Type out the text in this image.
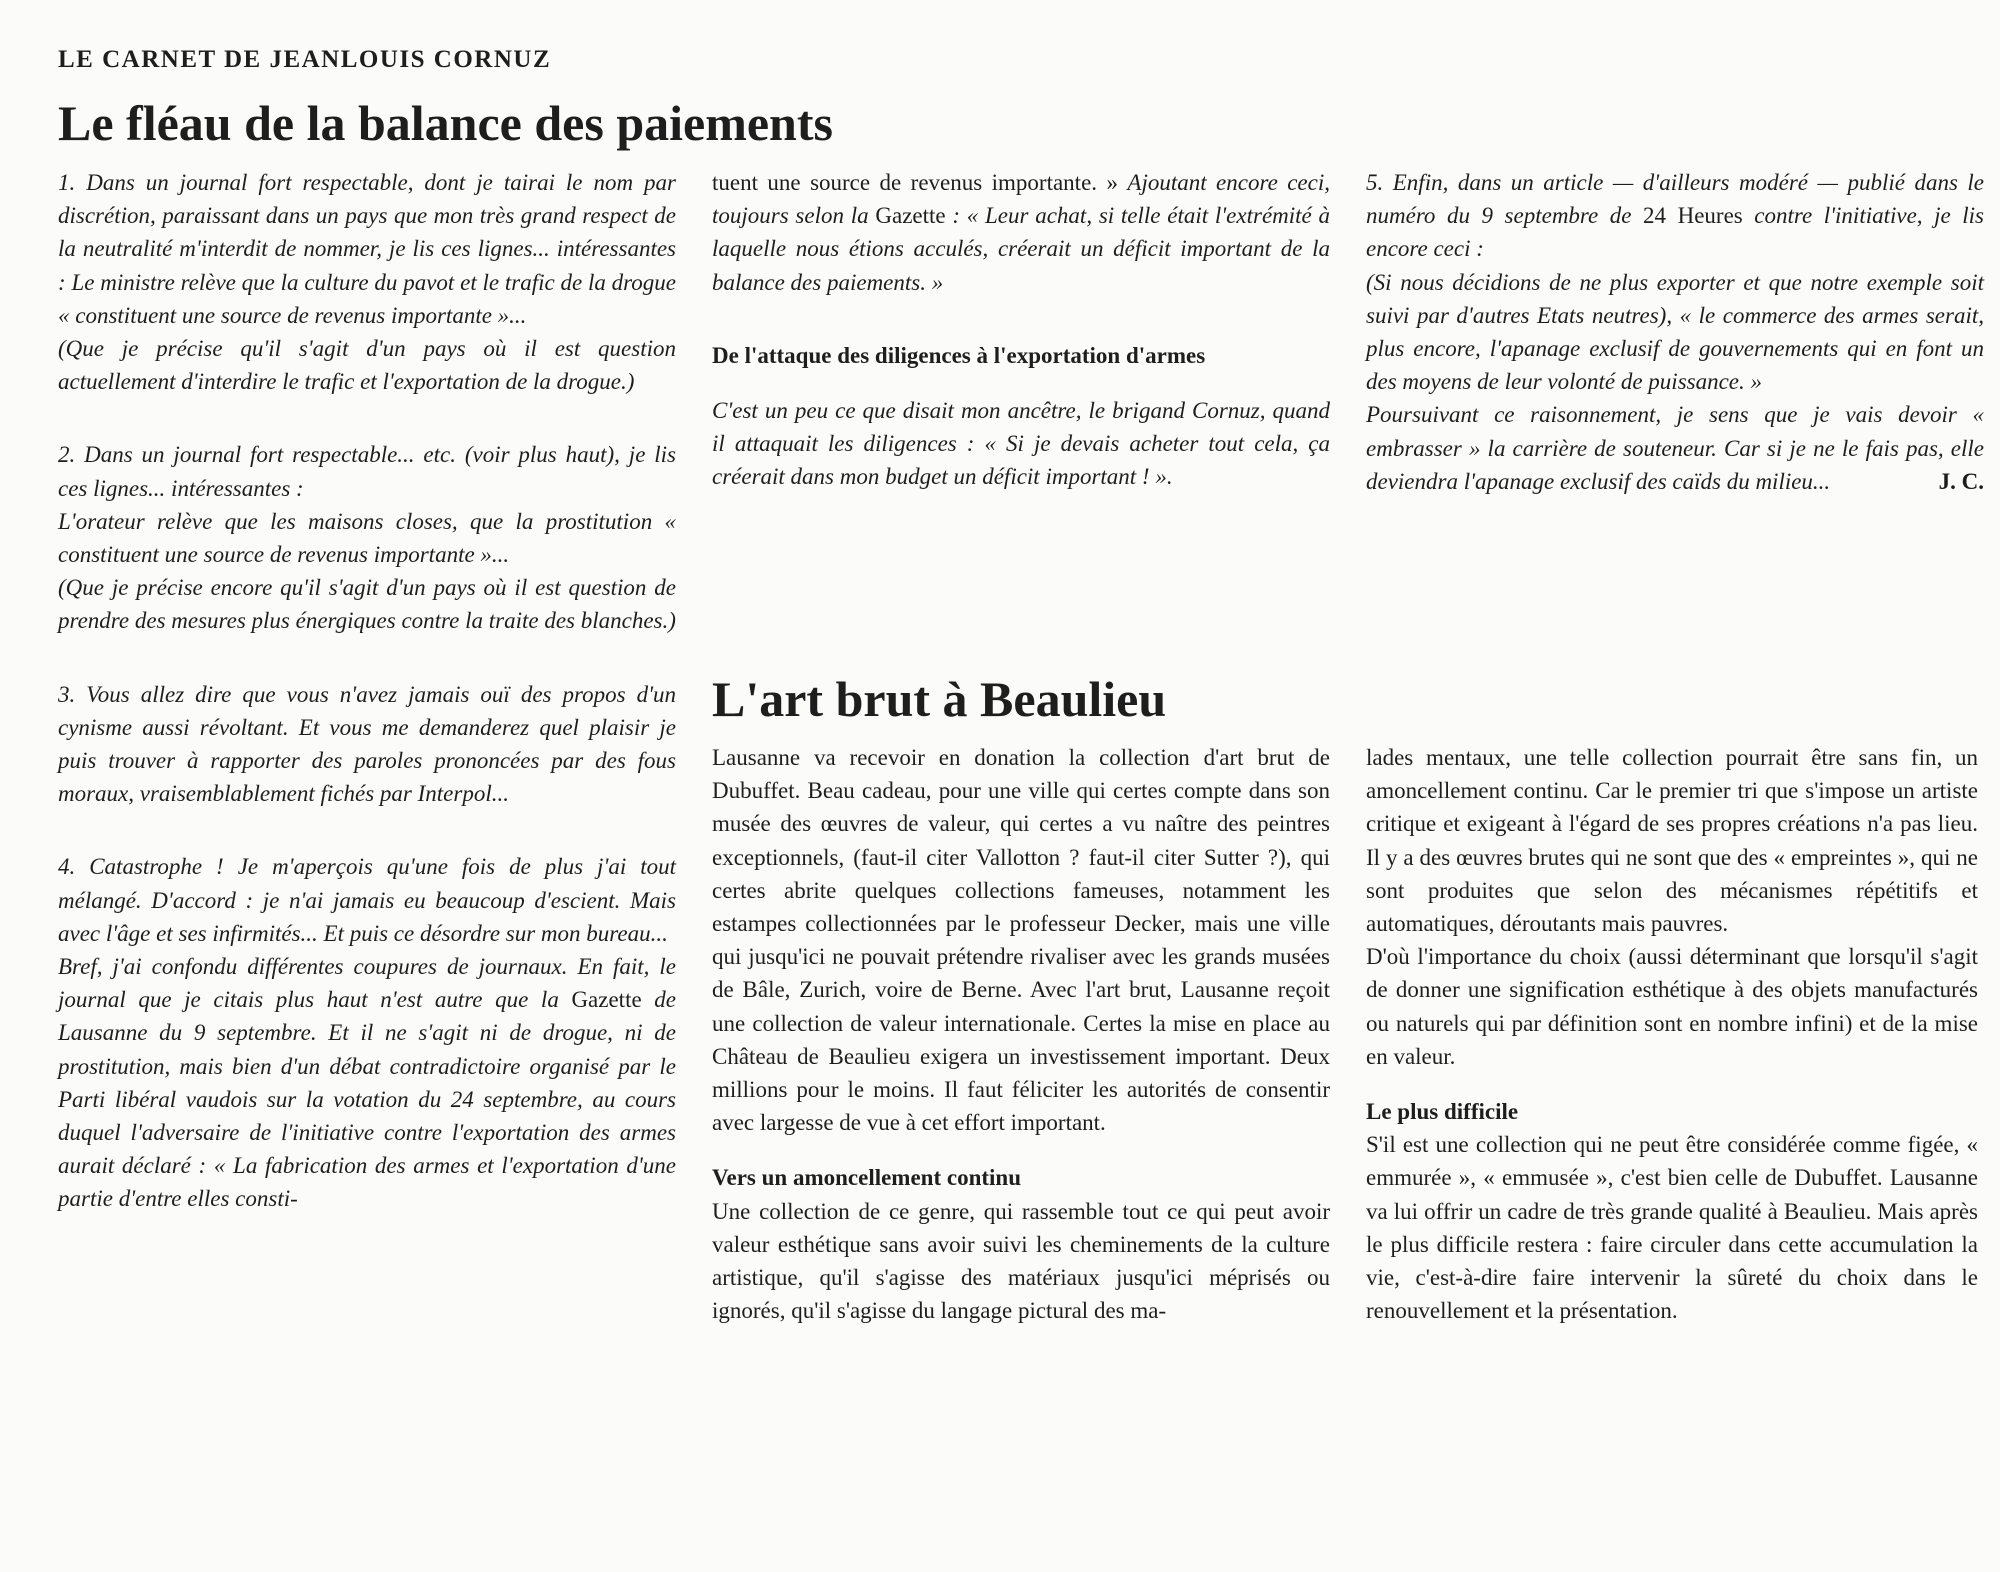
LE CARNET DE JEANLOUIS CORNUZ
Le fléau de la balance des paiements

1. Dans un journal fort respectable, dont je tairai le nom par discrétion, paraissant dans un pays que mon très grand respect de la neutralité m'interdit de nommer, je lis ces lignes... intéressantes : Le ministre relève que la culture du pavot et le trafic de la drogue « constituent une source de revenus importante »...

(Que je précise qu'il s'agit d'un pays où il est question actuellement d'interdire le trafic et l'exportation de la drogue.)

2. Dans un journal fort respectable... etc. (voir plus haut), je lis ces lignes... intéressantes :

L'orateur relève que les maisons closes, que la prostitution « constituent une source de revenus importante »...

(Que je précise encore qu'il s'agit d'un pays où il est question de prendre des mesures plus énergiques contre la traite des blanches.)

3. Vous allez dire que vous n'avez jamais ouï des propos d'un cynisme aussi révoltant. Et vous me demanderez quel plaisir je puis trouver à rapporter des paroles prononcées par des fous moraux, vraisemblablement fichés par Interpol...

4. Catastrophe ! Je m'aperçois qu'une fois de plus j'ai tout mélangé. D'accord : je n'ai jamais eu beaucoup d'escient. Mais avec l'âge et ses infirmités... Et puis ce désordre sur mon bureau...

Bref, j'ai confondu différentes coupures de journaux. En fait, le journal que je citais plus haut n'est autre que la Gazette de Lausanne du 9 septembre. Et il ne s'agit ni de drogue, ni de prostitution, mais bien d'un débat contradictoire organisé par le Parti libéral vaudois sur la votation du 24 septembre, au cours duquel l'adversaire de l'initiative contre l'exportation des armes aurait déclaré : « La fabrication des armes et l'exportation d'une partie d'entre elles consti-

tuent une source de revenus importante. » Ajoutant encore ceci, toujours selon la Gazette : « Leur achat, si telle était l'extrémité à laquelle nous étions acculés, créerait un déficit important de la balance des paiements. »

De l'attaque des diligences à l'exportation d'armes

C'est un peu ce que disait mon ancêtre, le brigand Cornuz, quand il attaquait les diligences : « Si je devais acheter tout cela, ça créerait dans mon budget un déficit important ! ».

5. Enfin, dans un article — d'ailleurs modéré — publié dans le numéro du 9 septembre de 24 Heures contre l'initiative, je lis encore ceci :

(Si nous décidions de ne plus exporter et que notre exemple soit suivi par d'autres Etats neutres), « le commerce des armes serait, plus encore, l'apanage exclusif de gouvernements qui en font un des moyens de leur volonté de puissance. »

Poursuivant ce raisonnement, je sens que je vais devoir « embrasser » la carrière de souteneur. Car si je ne le fais pas, elle deviendra l'apanage exclusif des caïds du milieu...	J. C.

L'art brut à Beaulieu

Lausanne va recevoir en donation la collection d'art brut de Dubuffet. Beau cadeau, pour une ville qui certes compte dans son musée des œuvres de valeur, qui certes a vu naître des peintres exceptionnels, (faut-il citer Vallotton ? faut-il citer Sutter ?), qui certes abrite quelques collections fameuses, notamment les estampes collectionnées par le professeur Decker, mais une ville qui jusqu'ici ne pouvait prétendre rivaliser avec les grands musées de Bâle, Zurich, voire de Berne. Avec l'art brut, Lausanne reçoit une collection de valeur internationale. Certes la mise en place au Château de Beaulieu exigera un investissement important. Deux millions pour le moins. Il faut féliciter les autorités de consentir avec largesse de vue à cet effort important.

Vers un amoncellement continu

Une collection de ce genre, qui rassemble tout ce qui peut avoir valeur esthétique sans avoir suivi les cheminements de la culture artistique, qu'il s'agisse des matériaux jusqu'ici méprisés ou ignorés, qu'il s'agisse du langage pictural des ma-

lades mentaux, une telle collection pourrait être sans fin, un amoncellement continu. Car le premier tri que s'impose un artiste critique et exigeant à l'égard de ses propres créations n'a pas lieu. Il y a des œuvres brutes qui ne sont que des « empreintes », qui ne sont produites que selon des mécanismes répétitifs et automatiques, déroutants mais pauvres.

D'où l'importance du choix (aussi déterminant que lorsqu'il s'agit de donner une signification esthétique à des objets manufacturés ou naturels qui par définition sont en nombre infini) et de la mise en valeur.

Le plus difficile

S'il est une collection qui ne peut être considérée comme figée, « emmurée », « emmusée », c'est bien celle de Dubuffet. Lausanne va lui offrir un cadre de très grande qualité à Beaulieu. Mais après le plus difficile restera : faire circuler dans cette accumulation la vie, c'est-à-dire faire intervenir la sûreté du choix dans le renouvellement et la présentation.
